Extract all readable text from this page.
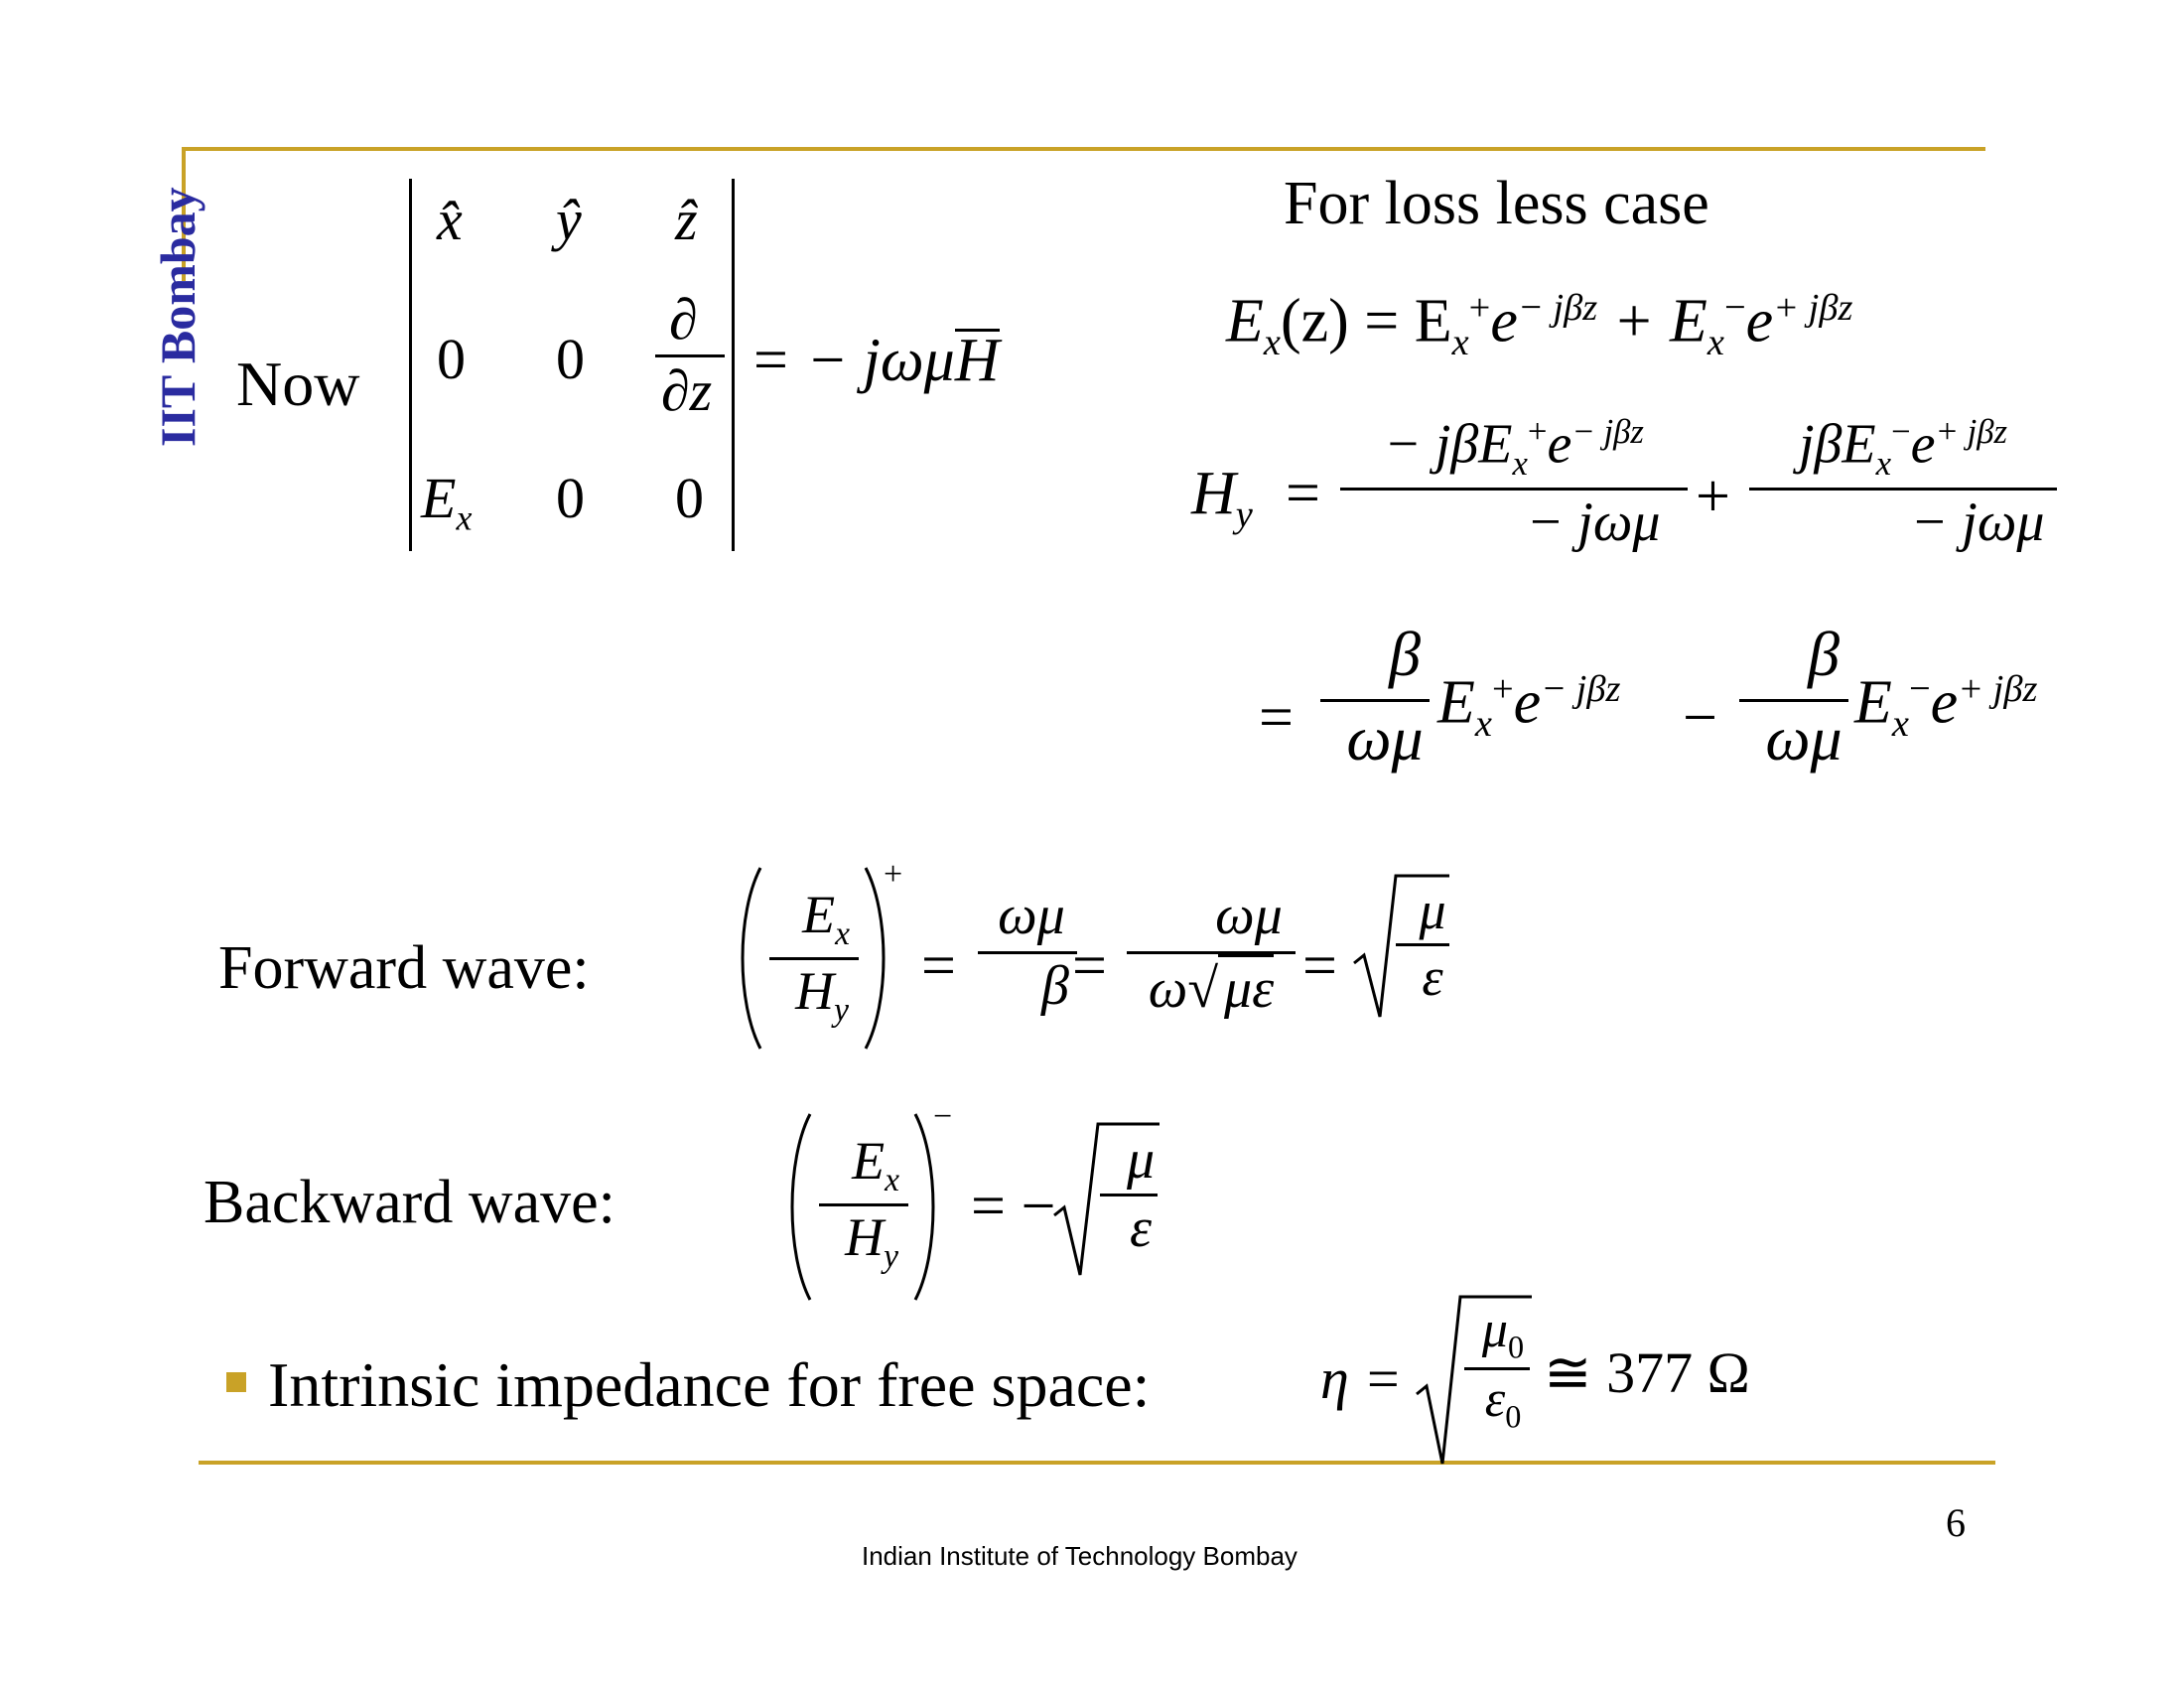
IIT Bombay Now
x̂ ŷ ẑ
0 0
∂
∂z
$E_x$ 0 0
= − jωμH
For loss less case
$E_x(z) = E_x^+e^{- j\beta z} + E_x^-e^{+ j\beta z}$
$H_y$ =
− $j\beta E_x^+e^{- j\beta z}$
− jωμ +
$j\beta E_x^-e^{+ j\beta z}$
− jωμ
=
β
ωμ
$E_x^+e^{- j\beta z}$ −
β
ωμ
$E_x^-e^{+ j\beta z}$
Forward wave:
$E_x$
$H_y$
+
=
ωμ
β =
ωμ
ω√ με =
μ
ε
Backward wave:
$E_x$
$H_y$
−
= −
μ
ε
Intrinsic impedance for free space:	η =
$\mu_0$
$\varepsilon_0$
≅ 377 Ω
Indian Institute of Technology Bombay
6
